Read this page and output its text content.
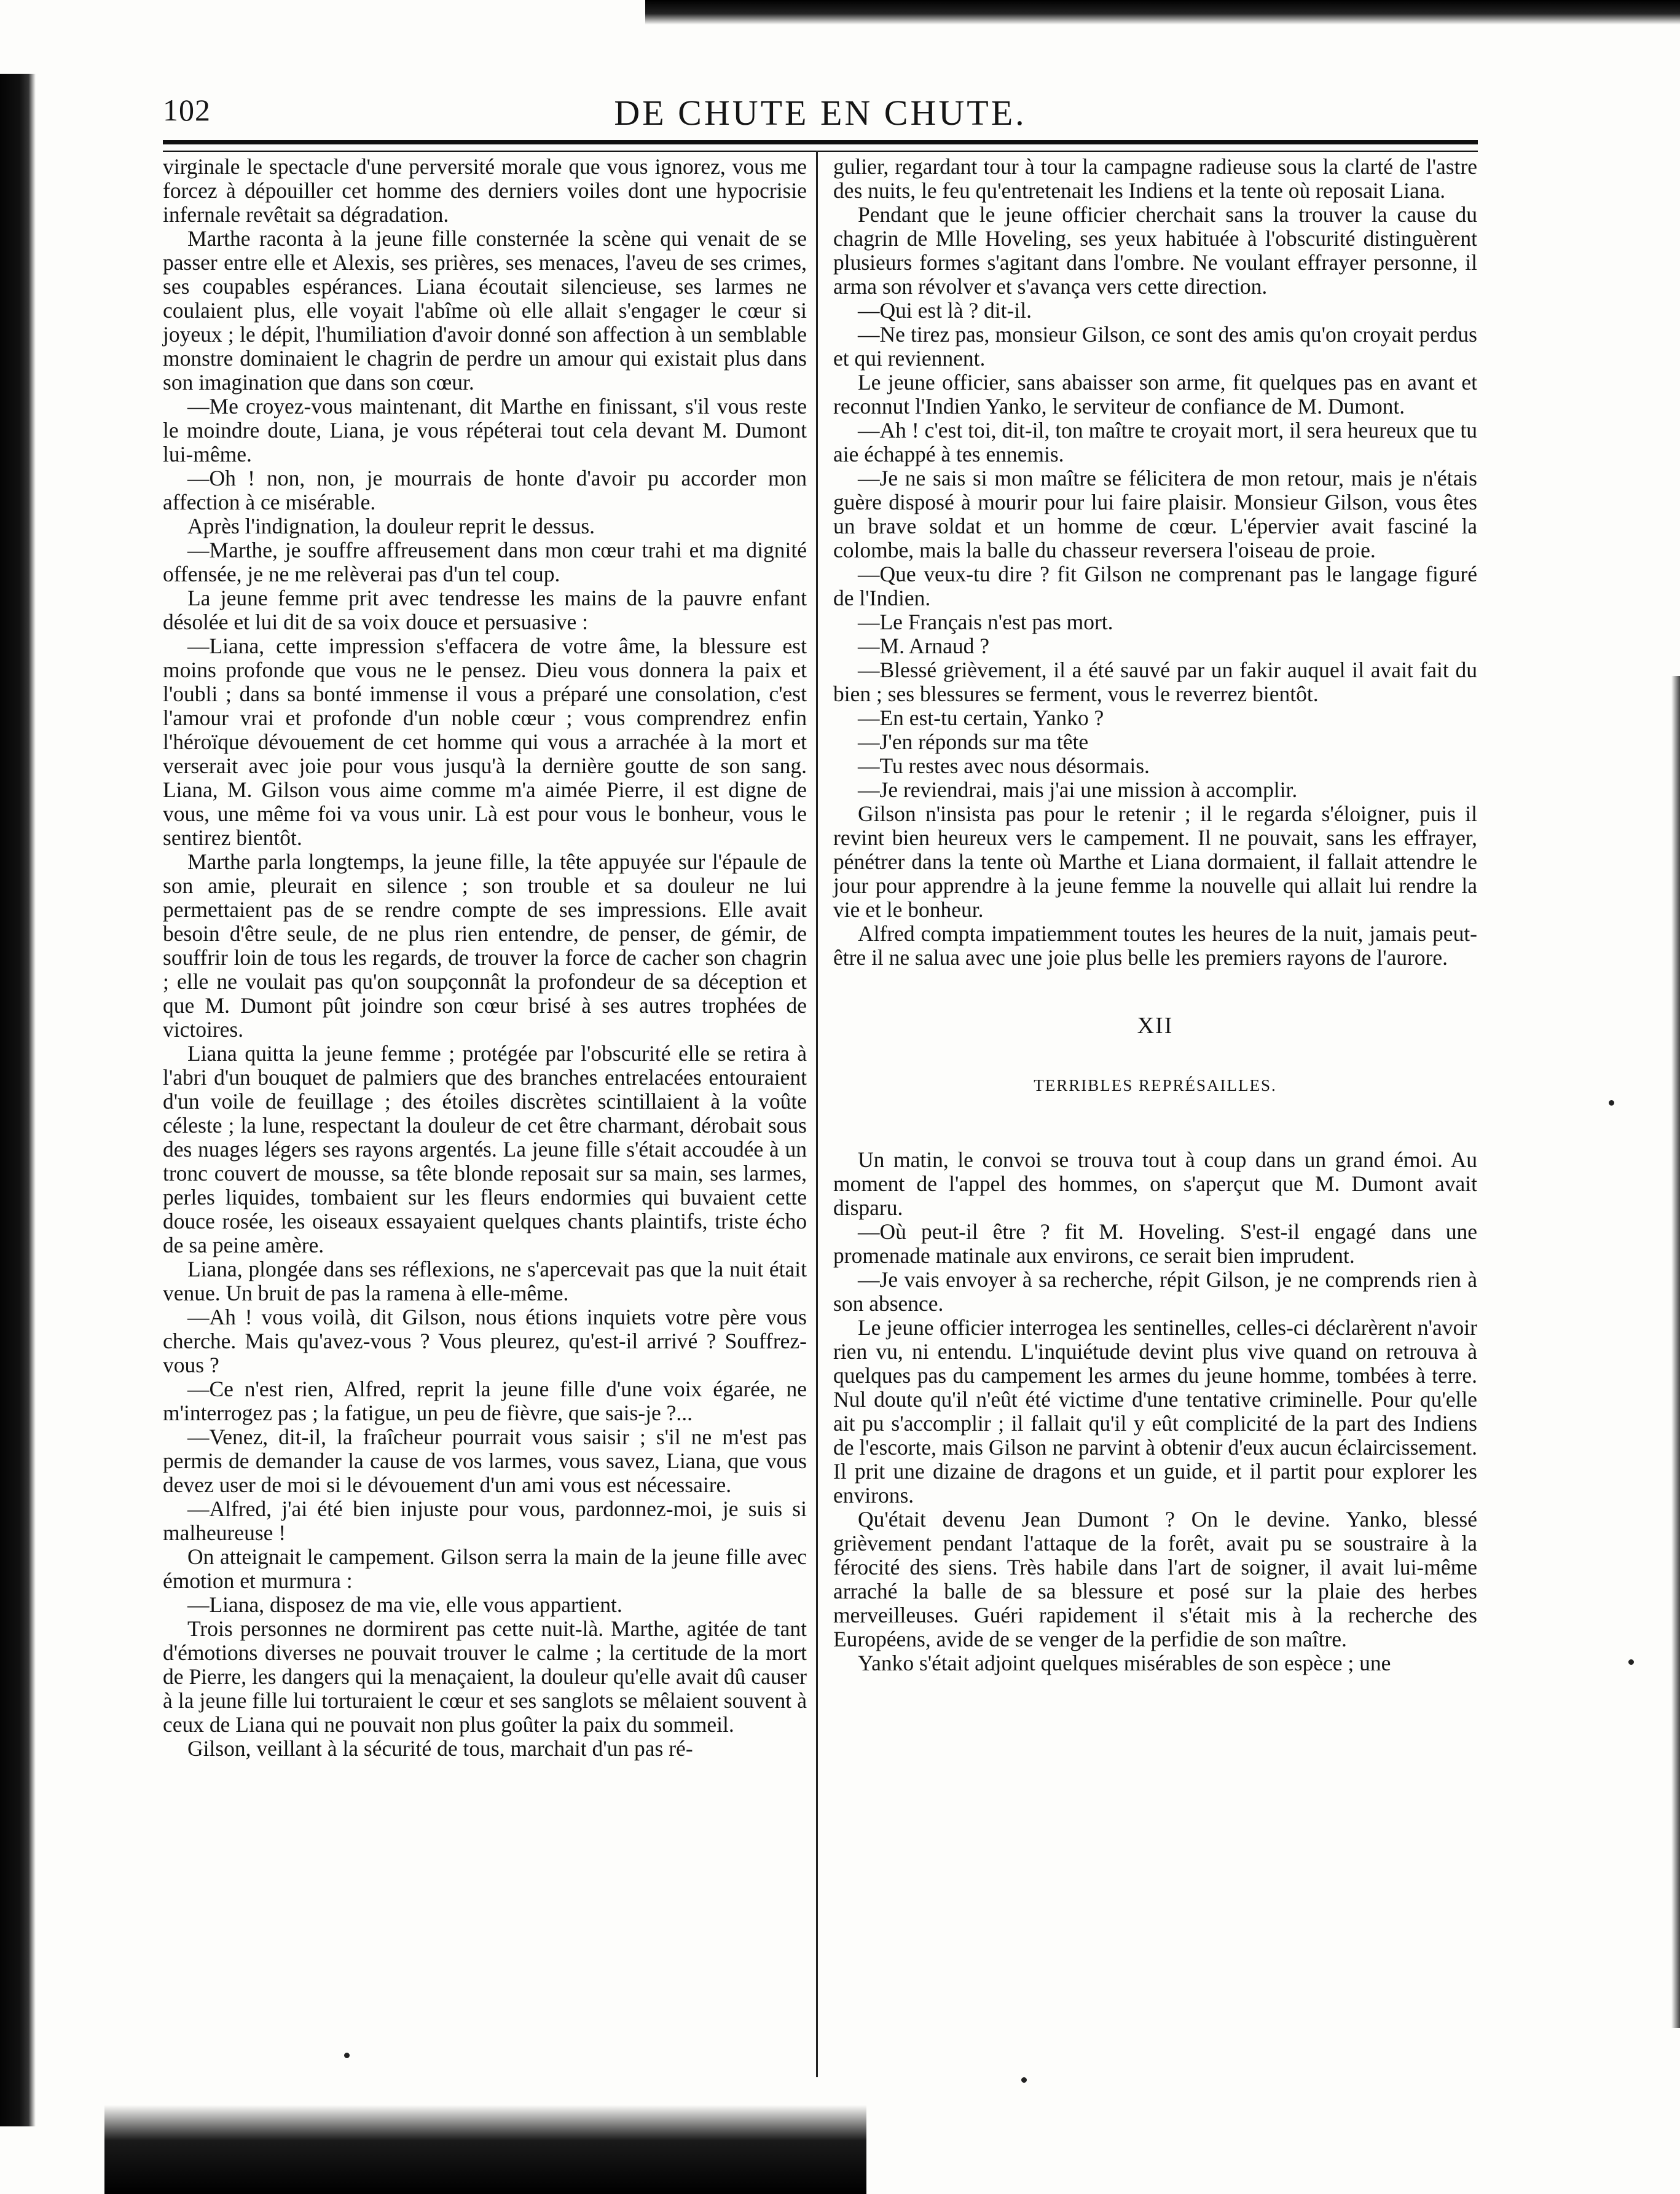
102	DE CHUTE EN CHUTE.

virginale le spectacle d'une perversité morale que vous ignorez, vous me forcez à dépouiller cet homme des derniers voiles dont une hypocrisie infernale revêtait sa dégradation.

Marthe raconta à la jeune fille consternée la scène qui venait de se passer entre elle et Alexis, ses prières, ses menaces, l'aveu de ses crimes, ses coupables espérances. Liana écoutait silencieuse, ses larmes ne coulaient plus, elle voyait l'abîme où elle allait s'engager le cœur si joyeux ; le dépit, l'humiliation d'avoir donné son affection à un semblable monstre dominaient le chagrin de perdre un amour qui existait plus dans son imagination que dans son cœur.

—Me croyez-vous maintenant, dit Marthe en finissant, s'il vous reste le moindre doute, Liana, je vous répéterai tout cela devant M. Dumont lui-même.

—Oh ! non, non, je mourrais de honte d'avoir pu accorder mon affection à ce misérable.

Après l'indignation, la douleur reprit le dessus.

—Marthe, je souffre affreusement dans mon cœur trahi et ma dignité offensée, je ne me relèverai pas d'un tel coup.

La jeune femme prit avec tendresse les mains de la pauvre enfant désolée et lui dit de sa voix douce et persuasive :

—Liana, cette impression s'effacera de votre âme, la blessure est moins profonde que vous ne le pensez. Dieu vous donnera la paix et l'oubli ; dans sa bonté immense il vous a préparé une consolation, c'est l'amour vrai et profonde d'un noble cœur ; vous comprendrez enfin l'héroïque dévouement de cet homme qui vous a arrachée à la mort et verserait avec joie pour vous jusqu'à la dernière goutte de son sang. Liana, M. Gilson vous aime comme m'a aimée Pierre, il est digne de vous, une même foi va vous unir. Là est pour vous le bonheur, vous le sentirez bientôt.

Marthe parla longtemps, la jeune fille, la tête appuyée sur l'épaule de son amie, pleurait en silence ; son trouble et sa douleur ne lui permettaient pas de se rendre compte de ses impressions. Elle avait besoin d'être seule, de ne plus rien entendre, de penser, de gémir, de souffrir loin de tous les regards, de trouver la force de cacher son chagrin ; elle ne voulait pas qu'on soupçonnât la profondeur de sa déception et que M. Dumont pût joindre son cœur brisé à ses autres trophées de victoires.

Liana quitta la jeune femme ; protégée par l'obscurité elle se retira à l'abri d'un bouquet de palmiers que des branches entrelacées entouraient d'un voile de feuillage ; des étoiles discrètes scintillaient à la voûte céleste ; la lune, respectant la douleur de cet être charmant, dérobait sous des nuages légers ses rayons argentés. La jeune fille s'était accoudée à un tronc couvert de mousse, sa tête blonde reposait sur sa main, ses larmes, perles liquides, tombaient sur les fleurs endormies qui buvaient cette douce rosée, les oiseaux essayaient quelques chants plaintifs, triste écho de sa peine amère.

Liana, plongée dans ses réflexions, ne s'apercevait pas que la nuit était venue. Un bruit de pas la ramena à elle-même.

—Ah ! vous voilà, dit Gilson, nous étions inquiets votre père vous cherche. Mais qu'avez-vous ? Vous pleurez, qu'est-il arrivé ? Souffrez-vous ?

—Ce n'est rien, Alfred, reprit la jeune fille d'une voix égarée, ne m'interrogez pas ; la fatigue, un peu de fièvre, que sais-je ?...

—Venez, dit-il, la fraîcheur pourrait vous saisir ; s'il ne m'est pas permis de demander la cause de vos larmes, vous savez, Liana, que vous devez user de moi si le dévouement d'un ami vous est nécessaire.

—Alfred, j'ai été bien injuste pour vous, pardonnez-moi, je suis si malheureuse !

On atteignait le campement. Gilson serra la main de la jeune fille avec émotion et murmura :

—Liana, disposez de ma vie, elle vous appartient.

Trois personnes ne dormirent pas cette nuit-là. Marthe, agitée de tant d'émotions diverses ne pouvait trouver le calme ; la certitude de la mort de Pierre, les dangers qui la menaçaient, la douleur qu'elle avait dû causer à la jeune fille lui torturaient le cœur et ses sanglots se mêlaient souvent à ceux de Liana qui ne pouvait non plus goûter la paix du sommeil.

Gilson, veillant à la sécurité de tous, marchait d'un pas ré-

gulier, regardant tour à tour la campagne radieuse sous la clarté de l'astre des nuits, le feu qu'entretenait les Indiens et la tente où reposait Liana.

Pendant que le jeune officier cherchait sans la trouver la cause du chagrin de Mlle Hoveling, ses yeux habituée à l'obscurité distinguèrent plusieurs formes s'agitant dans l'ombre. Ne voulant effrayer personne, il arma son révolver et s'avança vers cette direction.

—Qui est là ? dit-il.

—Ne tirez pas, monsieur Gilson, ce sont des amis qu'on croyait perdus et qui reviennent.

Le jeune officier, sans abaisser son arme, fit quelques pas en avant et reconnut l'Indien Yanko, le serviteur de confiance de M. Dumont.

—Ah ! c'est toi, dit-il, ton maître te croyait mort, il sera heureux que tu aie échappé à tes ennemis.

—Je ne sais si mon maître se félicitera de mon retour, mais je n'étais guère disposé à mourir pour lui faire plaisir. Monsieur Gilson, vous êtes un brave soldat et un homme de cœur. L'épervier avait fasciné la colombe, mais la balle du chasseur reversera l'oiseau de proie.

—Que veux-tu dire ? fit Gilson ne comprenant pas le langage figuré de l'Indien.

—Le Français n'est pas mort.

—M. Arnaud ?

—Blessé grièvement, il a été sauvé par un fakir auquel il avait fait du bien ; ses blessures se ferment, vous le reverrez bientôt.

—En est-tu certain, Yanko ?

—J'en réponds sur ma tête

—Tu restes avec nous désormais.

—Je reviendrai, mais j'ai une mission à accomplir.

Gilson n'insista pas pour le retenir ; il le regarda s'éloigner, puis il revint bien heureux vers le campement. Il ne pouvait, sans les effrayer, pénétrer dans la tente où Marthe et Liana dormaient, il fallait attendre le jour pour apprendre à la jeune femme la nouvelle qui allait lui rendre la vie et le bonheur.

Alfred compta impatiemment toutes les heures de la nuit, jamais peut-être il ne salua avec une joie plus belle les premiers rayons de l'aurore.

XII
TERRIBLES REPRÉSAILLES.

Un matin, le convoi se trouva tout à coup dans un grand émoi. Au moment de l'appel des hommes, on s'aperçut que M. Dumont avait disparu.

—Où peut-il être ? fit M. Hoveling. S'est-il engagé dans une promenade matinale aux environs, ce serait bien imprudent.

—Je vais envoyer à sa recherche, répit Gilson, je ne comprends rien à son absence.

Le jeune officier interrogea les sentinelles, celles-ci déclarèrent n'avoir rien vu, ni entendu. L'inquiétude devint plus vive quand on retrouva à quelques pas du campement les armes du jeune homme, tombées à terre. Nul doute qu'il n'eût été victime d'une tentative criminelle. Pour qu'elle ait pu s'accomplir ; il fallait qu'il y eût complicité de la part des Indiens de l'escorte, mais Gilson ne parvint à obtenir d'eux aucun éclaircissement. Il prit une dizaine de dragons et un guide, et il partit pour explorer les environs.

Qu'était devenu Jean Dumont ? On le devine. Yanko, blessé grièvement pendant l'attaque de la forêt, avait pu se soustraire à la férocité des siens. Très habile dans l'art de soigner, il avait lui-même arraché la balle de sa blessure et posé sur la plaie des herbes merveilleuses. Guéri rapidement il s'était mis à la recherche des Européens, avide de se venger de la perfidie de son maître.

Yanko s'était adjoint quelques misérables de son espèce ; une
